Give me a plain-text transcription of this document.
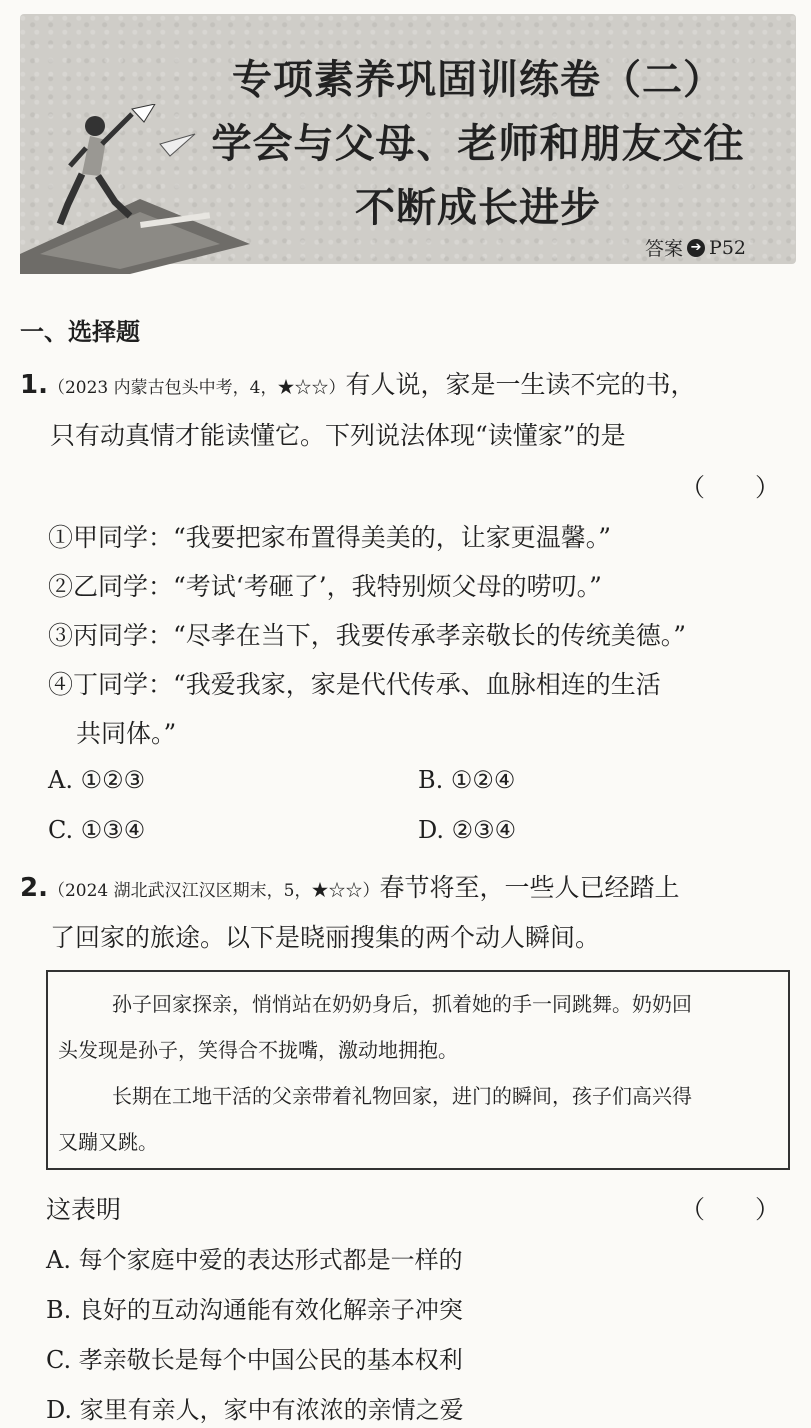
专项素养巩固训练卷（二）
学会与父母、老师和朋友交往
不断成长进步
答案 ➔ P52
一、选择题
1.（2023 内蒙古包头中考，4，★☆☆）有人说，家是一生读不完的书，
只有动真情才能读懂它。下列说法体现“读懂家”的是
（　　）
①甲同学：“我要把家布置得美美的，让家更温馨。”
②乙同学：“考试‘考砸了’，我特别烦父母的唠叨。”
③丙同学：“尽孝在当下，我要传承孝亲敬长的传统美德。”
④丁同学：“我爱我家，家是代代传承、血脉相连的生活
共同体。”
A. ①②③	B. ①②④
C. ①③④	D. ②③④
2.（2024 湖北武汉江汉区期末，5，★☆☆）春节将至，一些人已经踏上
了回家的旅途。以下是晓丽搜集的两个动人瞬间。
孙子回家探亲，悄悄站在奶奶身后，抓着她的手一同跳舞。奶奶回
头发现是孙子，笑得合不拢嘴，激动地拥抱。
长期在工地干活的父亲带着礼物回家，进门的瞬间，孩子们高兴得
又蹦又跳。
这表明	（　　）
A. 每个家庭中爱的表达形式都是一样的
B. 良好的互动沟通能有效化解亲子冲突
C. 孝亲敬长是每个中国公民的基本权利
D. 家里有亲人，家中有浓浓的亲情之爱
